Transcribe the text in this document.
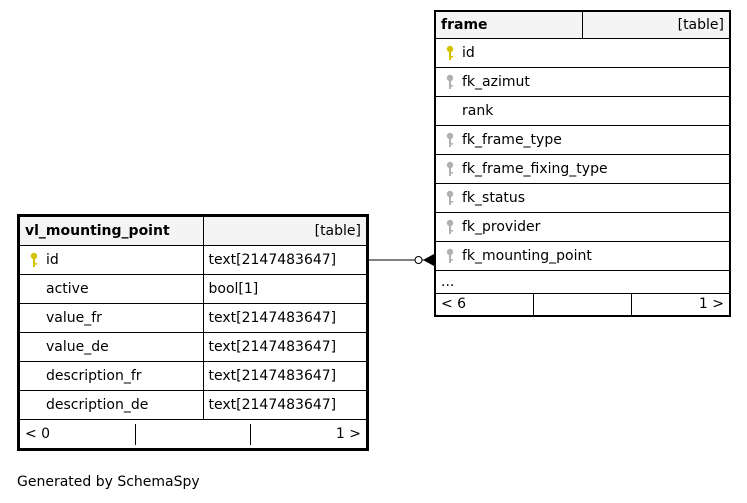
frame	[table]

id

fk_azimut
rank

fk_frame_type

fk_frame_fixing_type

fk_status

fk_provider

fk_mounting_point
...

< 6	1 >
vl_mounting_point	[table]

id	text[2147483647]
active	bool[1]
value_fr	text[2147483647]
value_de	text[2147483647]
description_fr	text[2147483647]
description_de	text[2147483647]

< 0 1 >	
Generated by SchemaSpy
